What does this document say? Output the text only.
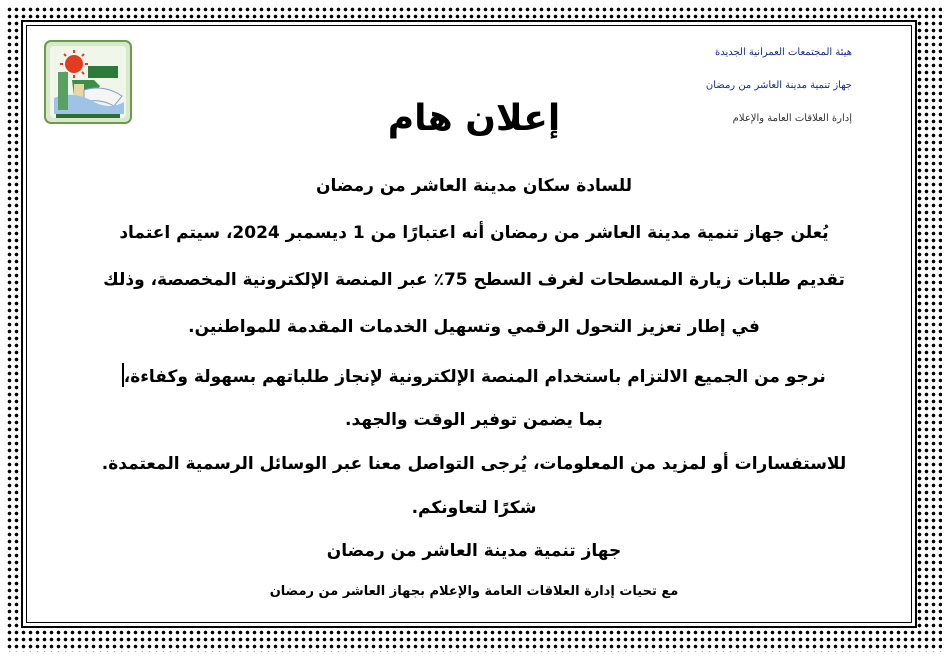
هيئة المجتمعات العمرانية الجديدة
جهاز تنمية مدينة العاشر من رمضان
إدارة العلاقات العامة والإعلام
إعلان هام
للسادة سكان مدينة العاشر من رمضان
يُعلن جهاز تنمية مدينة العاشر من رمضان أنه اعتبارًا من 1 ديسمبر 2024، سيتم اعتماد
تقديم طلبات زيارة المسطحات لغرف السطح 75٪ عبر المنصة الإلكترونية المخصصة، وذلك
في إطار تعزيز التحول الرقمي وتسهيل الخدمات المقدمة للمواطنين.
نرجو من الجميع الالتزام باستخدام المنصة الإلكترونية لإنجاز طلباتهم بسهولة وكفاءة،
بما يضمن توفير الوقت والجهد.
للاستفسارات أو لمزيد من المعلومات، يُرجى التواصل معنا عبر الوسائل الرسمية المعتمدة.
شكرًا لتعاونكم.
جهاز تنمية مدينة العاشر من رمضان
مع تحيات إدارة العلاقات العامة والإعلام بجهاز العاشر من رمضان
